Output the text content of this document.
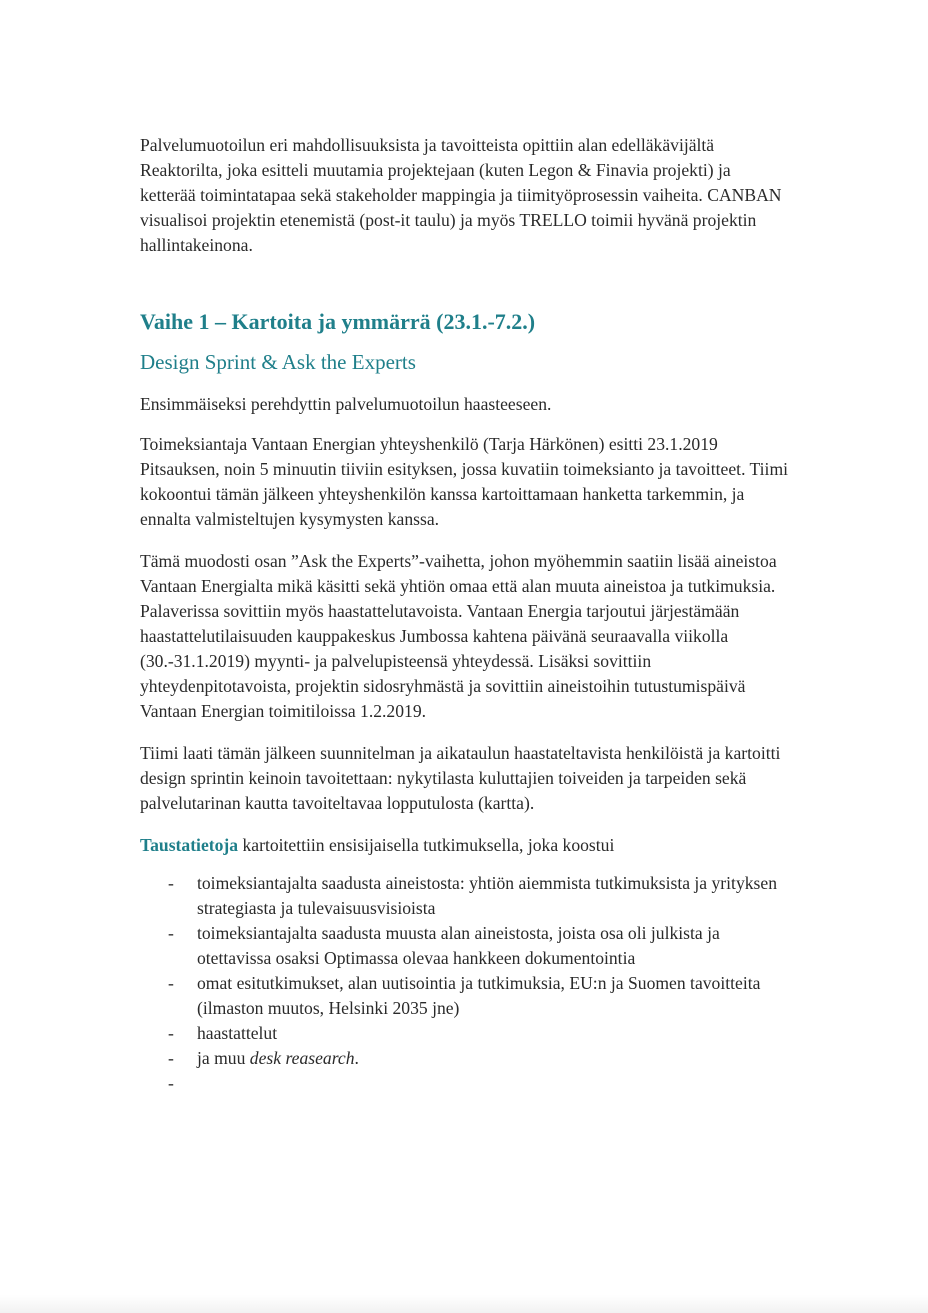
Palvelumuotoilun eri mahdollisuuksista ja tavoitteista opittiin alan edelläkävijältä Reaktorilta, joka esitteli muutamia projektejaan (kuten Legon & Finavia projekti) ja ketterää toimintatapaa sekä stakeholder mappingia ja tiimityöprosessin vaiheita. CANBAN visualisoi projektin etenemistä (post-it taulu) ja myös TRELLO toimii hyvänä projektin hallintakeinona.

Vaihe 1 – Kartoita ja ymmärrä (23.1.-7.2.)
Design Sprint & Ask the Experts

Ensimmäiseksi perehdyttin palvelumuotoilun haasteeseen.

Toimeksiantaja Vantaan Energian yhteyshenkilö (Tarja Härkönen) esitti 23.1.2019 Pitsauksen, noin 5 minuutin tiiviin esityksen, jossa kuvatiin toimeksianto ja tavoitteet. Tiimi kokoontui tämän jälkeen yhteyshenkilön kanssa kartoittamaan hanketta tarkemmin, ja ennalta valmisteltujen kysymysten kanssa.

Tämä muodosti osan ”Ask the Experts”-vaihetta, johon myöhemmin saatiin lisää aineistoa Vantaan Energialta mikä käsitti sekä yhtiön omaa että alan muuta aineistoa ja tutkimuksia. Palaverissa sovittiin myös haastattelutavoista. Vantaan Energia tarjoutui järjestämään haastattelutilaisuuden kauppakeskus Jumbossa kahtena päivänä seuraavalla viikolla (30.-31.1.2019) myynti- ja palvelupisteensä yhteydessä. Lisäksi sovittiin yhteydenpitotavoista, projektin sidosryhmästä ja sovittiin aineistoihin tutustumispäivä Vantaan Energian toimitiloissa 1.2.2019.

Tiimi laati tämän jälkeen suunnitelman ja aikataulun haastateltavista henkilöistä ja kartoitti design sprintin keinoin tavoitettaan: nykytilasta kuluttajien toiveiden ja tarpeiden sekä palvelutarinan kautta tavoiteltavaa lopputulosta (kartta).

Taustatietoja kartoitettiin ensisijaisella tutkimuksella, joka koostui

- toimeksiantajalta saadusta aineistosta: yhtiön aiemmista tutkimuksista ja yrityksen strategiasta ja tulevaisuusvisioista
- toimeksiantajalta saadusta muusta alan aineistosta, joista osa oli julkista ja otettavissa osaksi Optimassa olevaa hankkeen dokumentointia
- omat esitutkimukset, alan uutisointia ja tutkimuksia, EU:n ja Suomen tavoitteita (ilmaston muutos, Helsinki 2035 jne)
- haastattelut
- ja muu desk reasearch.
-
